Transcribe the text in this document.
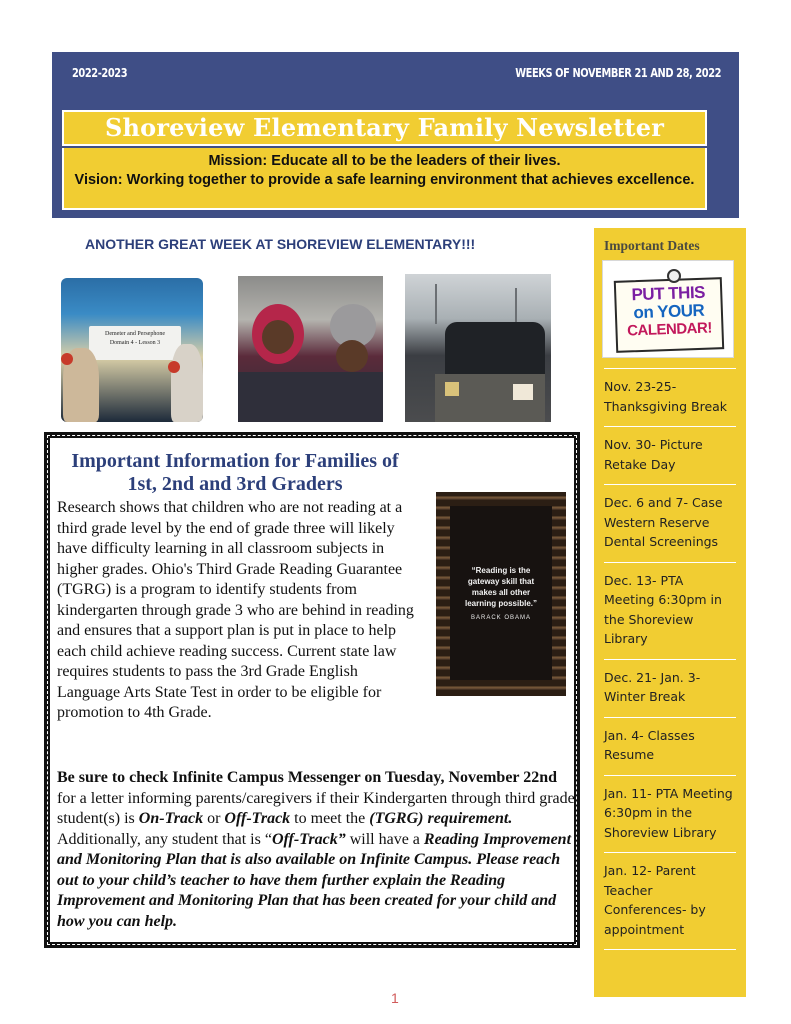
2022-2023	WEEKS OF NOVEMBER 21 AND 28, 2022
Shoreview Elementary Family Newsletter
Mission: Educate all to be the leaders of their lives.
Vision: Working together to provide a safe learning environment that achieves excellence.
ANOTHER GREAT WEEK AT SHOREVIEW ELEMENTARY!!!
Demeter and Persephone
Domain 4 - Lesson 3
Important Information for Families of 1st, 2nd and 3rd Graders
Research shows that children who are not reading at a third grade level by the end of grade three will likely have difficulty learning in all classroom subjects in higher grades. Ohio's Third Grade Reading Guarantee (TGRG) is a program to identify students from kindergarten through grade 3 who are behind in reading and ensures that a support plan is put in place to help each child achieve reading success. Current state law requires students to pass the 3rd Grade English Language Arts State Test in order to be eligible for promotion to 4th Grade.
“Reading is the gateway skill that makes all other learning possible.”
BARACK OBAMA
Be sure to check Infinite Campus Messenger on Tuesday, November 22nd for a letter informing parents/caregivers if their Kindergarten through third grade student(s) is On-Track or Off-Track to meet the (TGRG) requirement. Additionally, any student that is “Off-Track” will have a Reading Improvement and Monitoring Plan that is also available on Infinite Campus. Please reach out to your child’s teacher to have them further explain the Reading Improvement and Monitoring Plan that has been created for your child and how you can help.
Important Dates
PUT THIS
on YOUR
CALENDAR!
Nov. 23-25- Thanksgiving Break
Nov. 30- Picture Retake Day
Dec. 6 and 7- Case Western Reserve Dental Screenings
Dec. 13- PTA Meeting 6:30pm in the Shoreview Library
Dec. 21- Jan. 3- Winter Break
Jan. 4- Classes Resume
Jan. 11- PTA Meeting 6:30pm in the Shoreview Library
Jan. 12- Parent Teacher Conferences- by appointment
1
